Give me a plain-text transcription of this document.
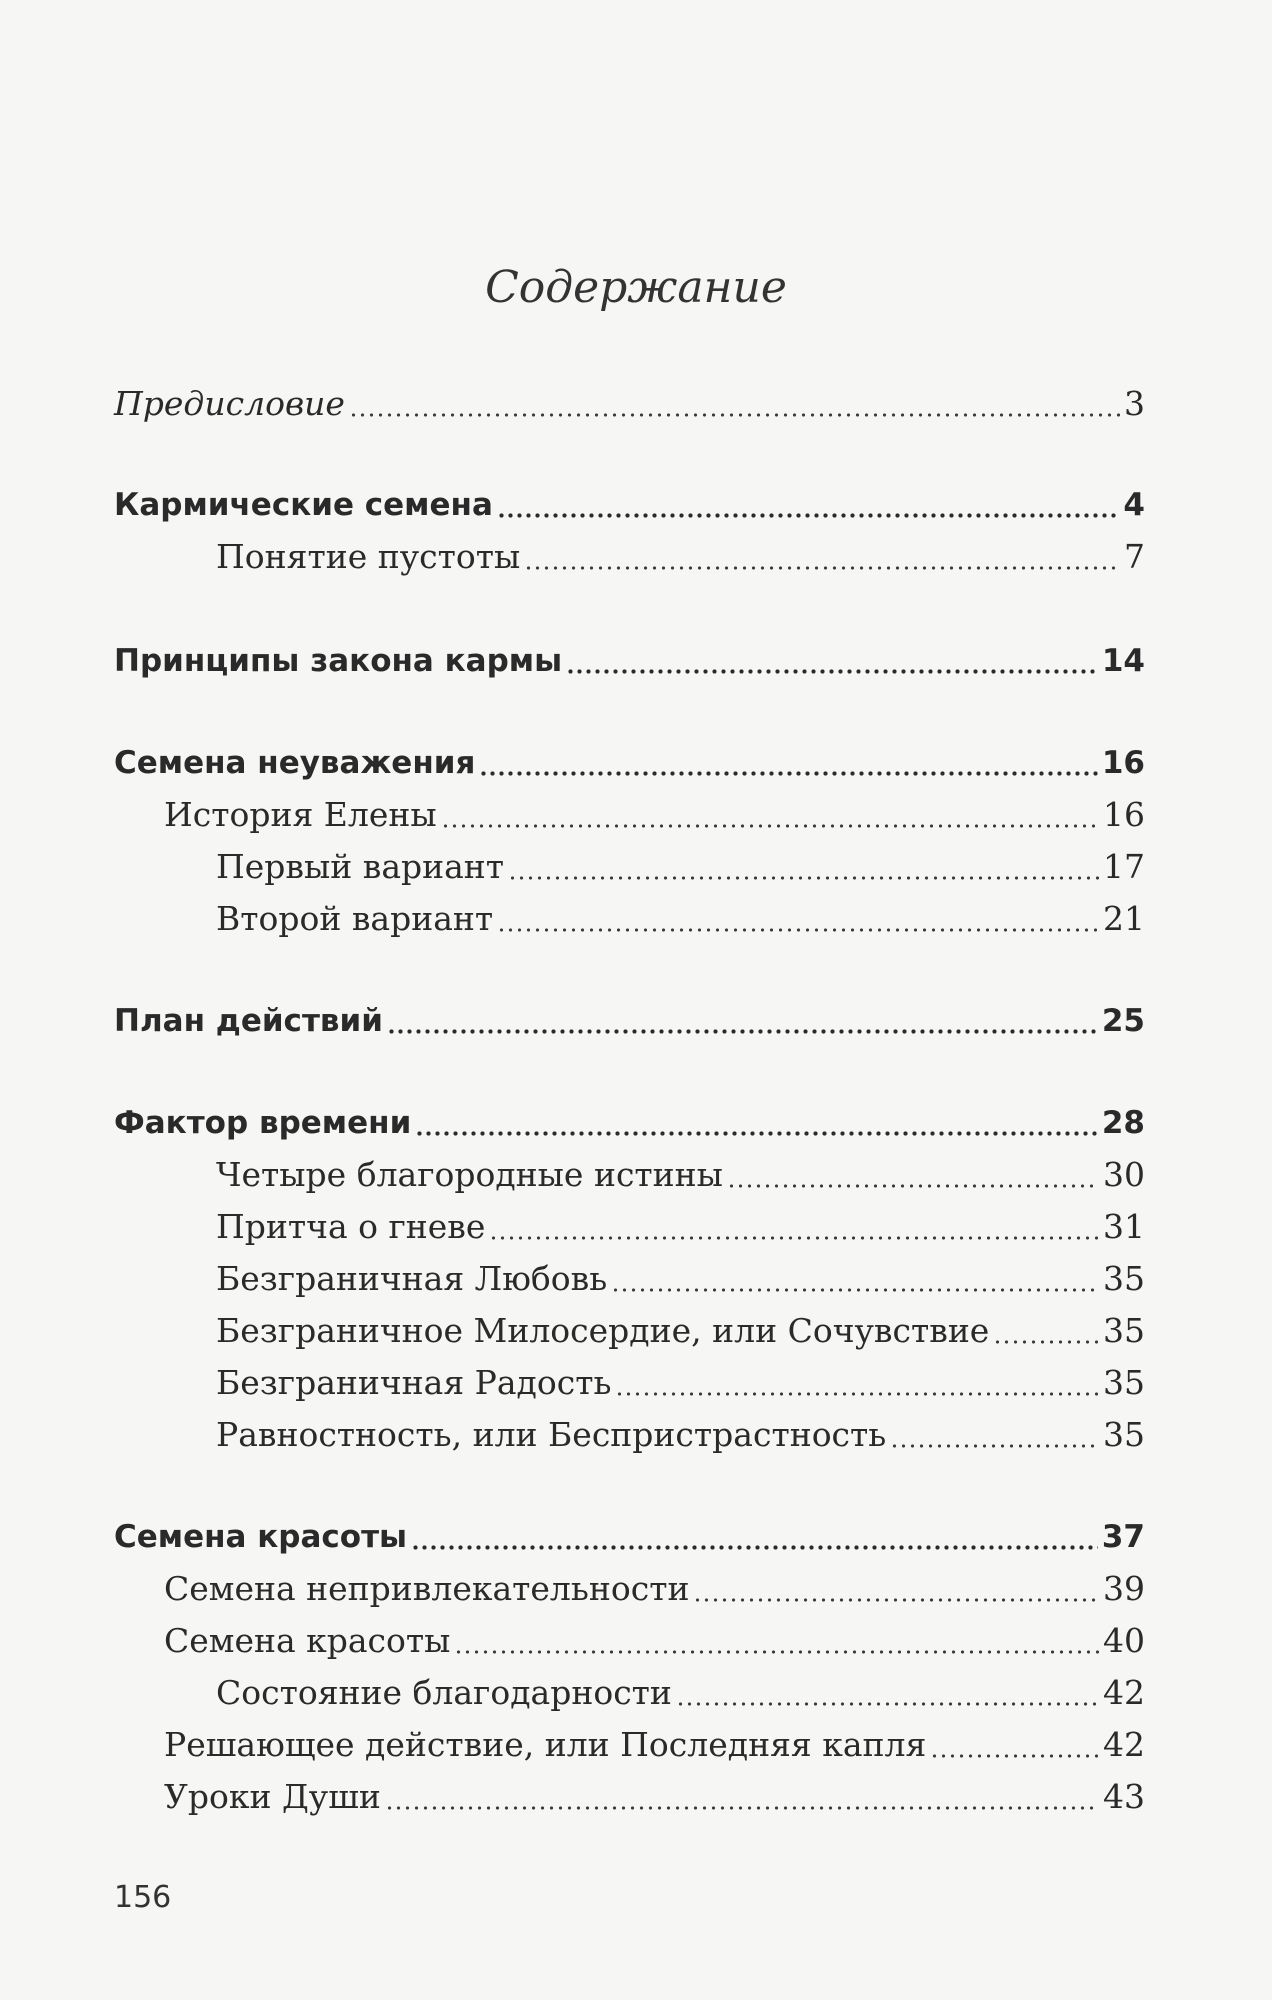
Содержание
Предисловие	3
Кармические семена	4
Понятие пустоты	7
Принципы закона кармы	14
Семена неуважения	16
История Елены	16
Первый вариант	17
Второй вариант	21
План действий	25
Фактор времени	28
Четыре благородные истины	30
Притча о гневе	31
Безграничная Любовь	35
Безграничное Милосердие, или Сочувствие	35
Безграничная Радость	35
Равностность, или Беспристрастность	35
Семена красоты	37
Семена непривлекательности	39
Семена красоты	40
Состояние благодарности	42
Решающее действие, или Последняя капля	42
Уроки Души	43
156
